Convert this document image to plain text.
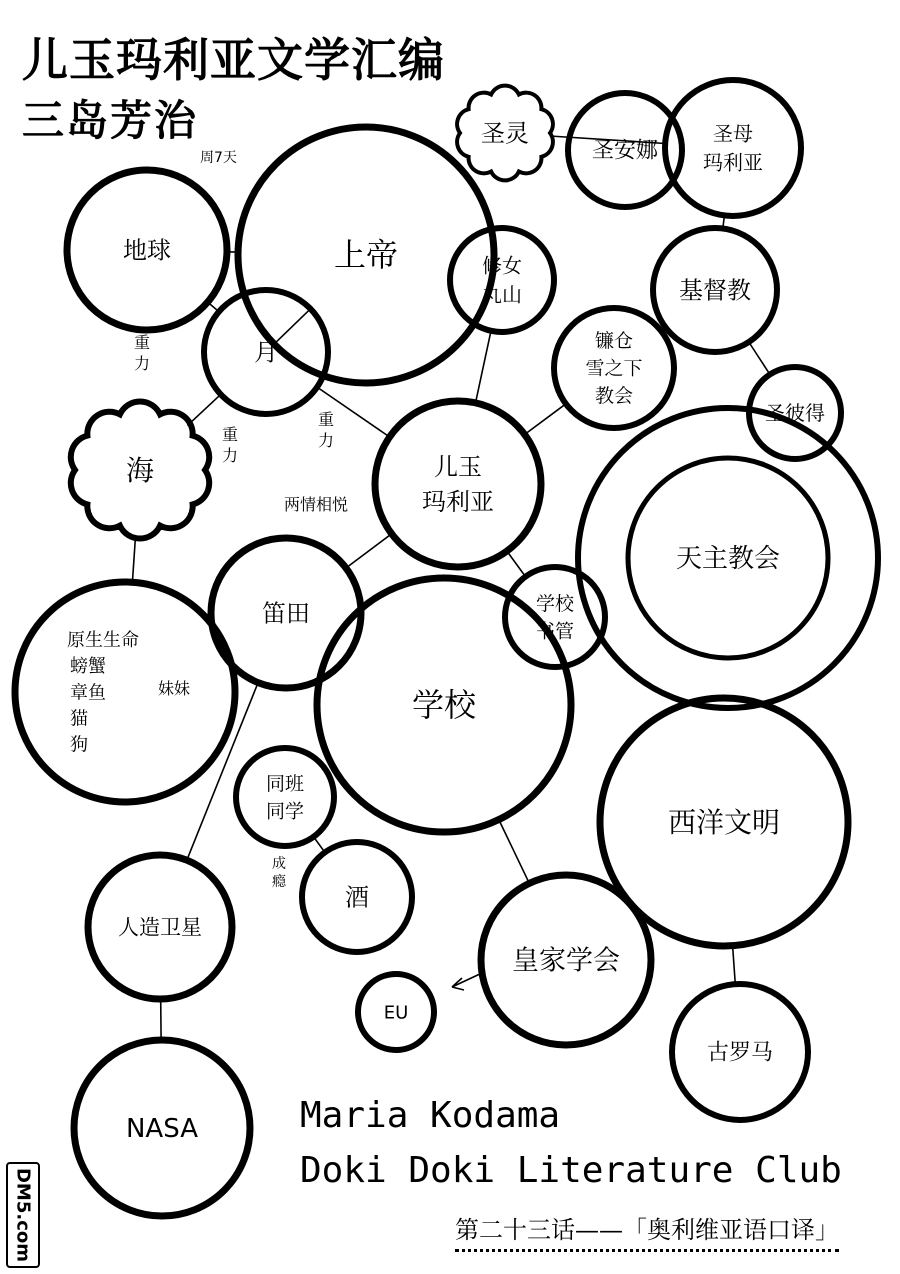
儿玉玛利亚文学汇编
三岛芳治	圣灵
圣安娜
圣母玛利亚
上帝
地球
月
修女丸山	基督教
镰仓雪之下教会
圣彼得
海	儿玉玛利亚
天主教会
笛田	学校书管
原生生命螃蟹章鱼猫狗
学校
西洋文明
同班同学
酒
人造卫星
皇家学会
EU
古罗马
NASA
周7天
重力
重力
重力
两情相悦
妹妹
成瘾
Maria Kodama
Doki Doki Literature Club
第二十三话——「奥利维亚语口译」
DM5.com
